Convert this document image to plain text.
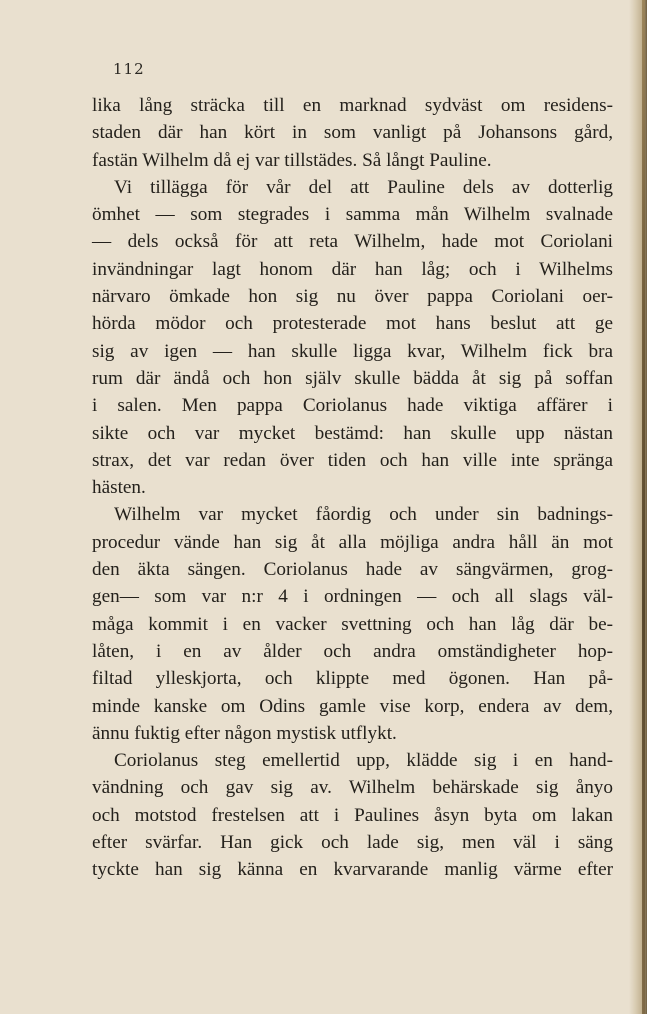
112
lika lång sträcka till en marknad sydväst om residens-
staden där han kört in som vanligt på Johansons gård,
fastän Wilhelm då ej var tillstädes. Så långt Pauline.
Vi tillägga för vår del att Pauline dels av dotterlig
ömhet — som stegrades i samma mån Wilhelm svalnade
— dels också för att reta Wilhelm, hade mot Coriolani
invändningar lagt honom där han låg; och i Wilhelms
närvaro ömkade hon sig nu över pappa Coriolani oer-
hörda mödor och protesterade mot hans beslut att ge
sig av igen — han skulle ligga kvar, Wilhelm fick bra
rum där ändå och hon själv skulle bädda åt sig på soffan
i salen. Men pappa Coriolanus hade viktiga affärer i
sikte och var mycket bestämd: han skulle upp nästan
strax, det var redan över tiden och han ville inte spränga
hästen.
Wilhelm var mycket fåordig och under sin badnings-
procedur vände han sig åt alla möjliga andra håll än mot
den äkta sängen. Coriolanus hade av sängvärmen, grog-
gen— som var n:r 4 i ordningen — och all slags väl-
måga kommit i en vacker svettning och han låg där be-
låten, i en av ålder och andra omständigheter hop-
filtad ylleskjorta, och klippte med ögonen. Han på-
minde kanske om Odins gamle vise korp, endera av dem,
ännu fuktig efter någon mystisk utflykt.
Coriolanus steg emellertid upp, klädde sig i en hand-
vändning och gav sig av. Wilhelm behärskade sig ånyo
och motstod frestelsen att i Paulines åsyn byta om lakan
efter svärfar. Han gick och lade sig, men väl i säng
tyckte han sig känna en kvarvarande manlig värme efter
